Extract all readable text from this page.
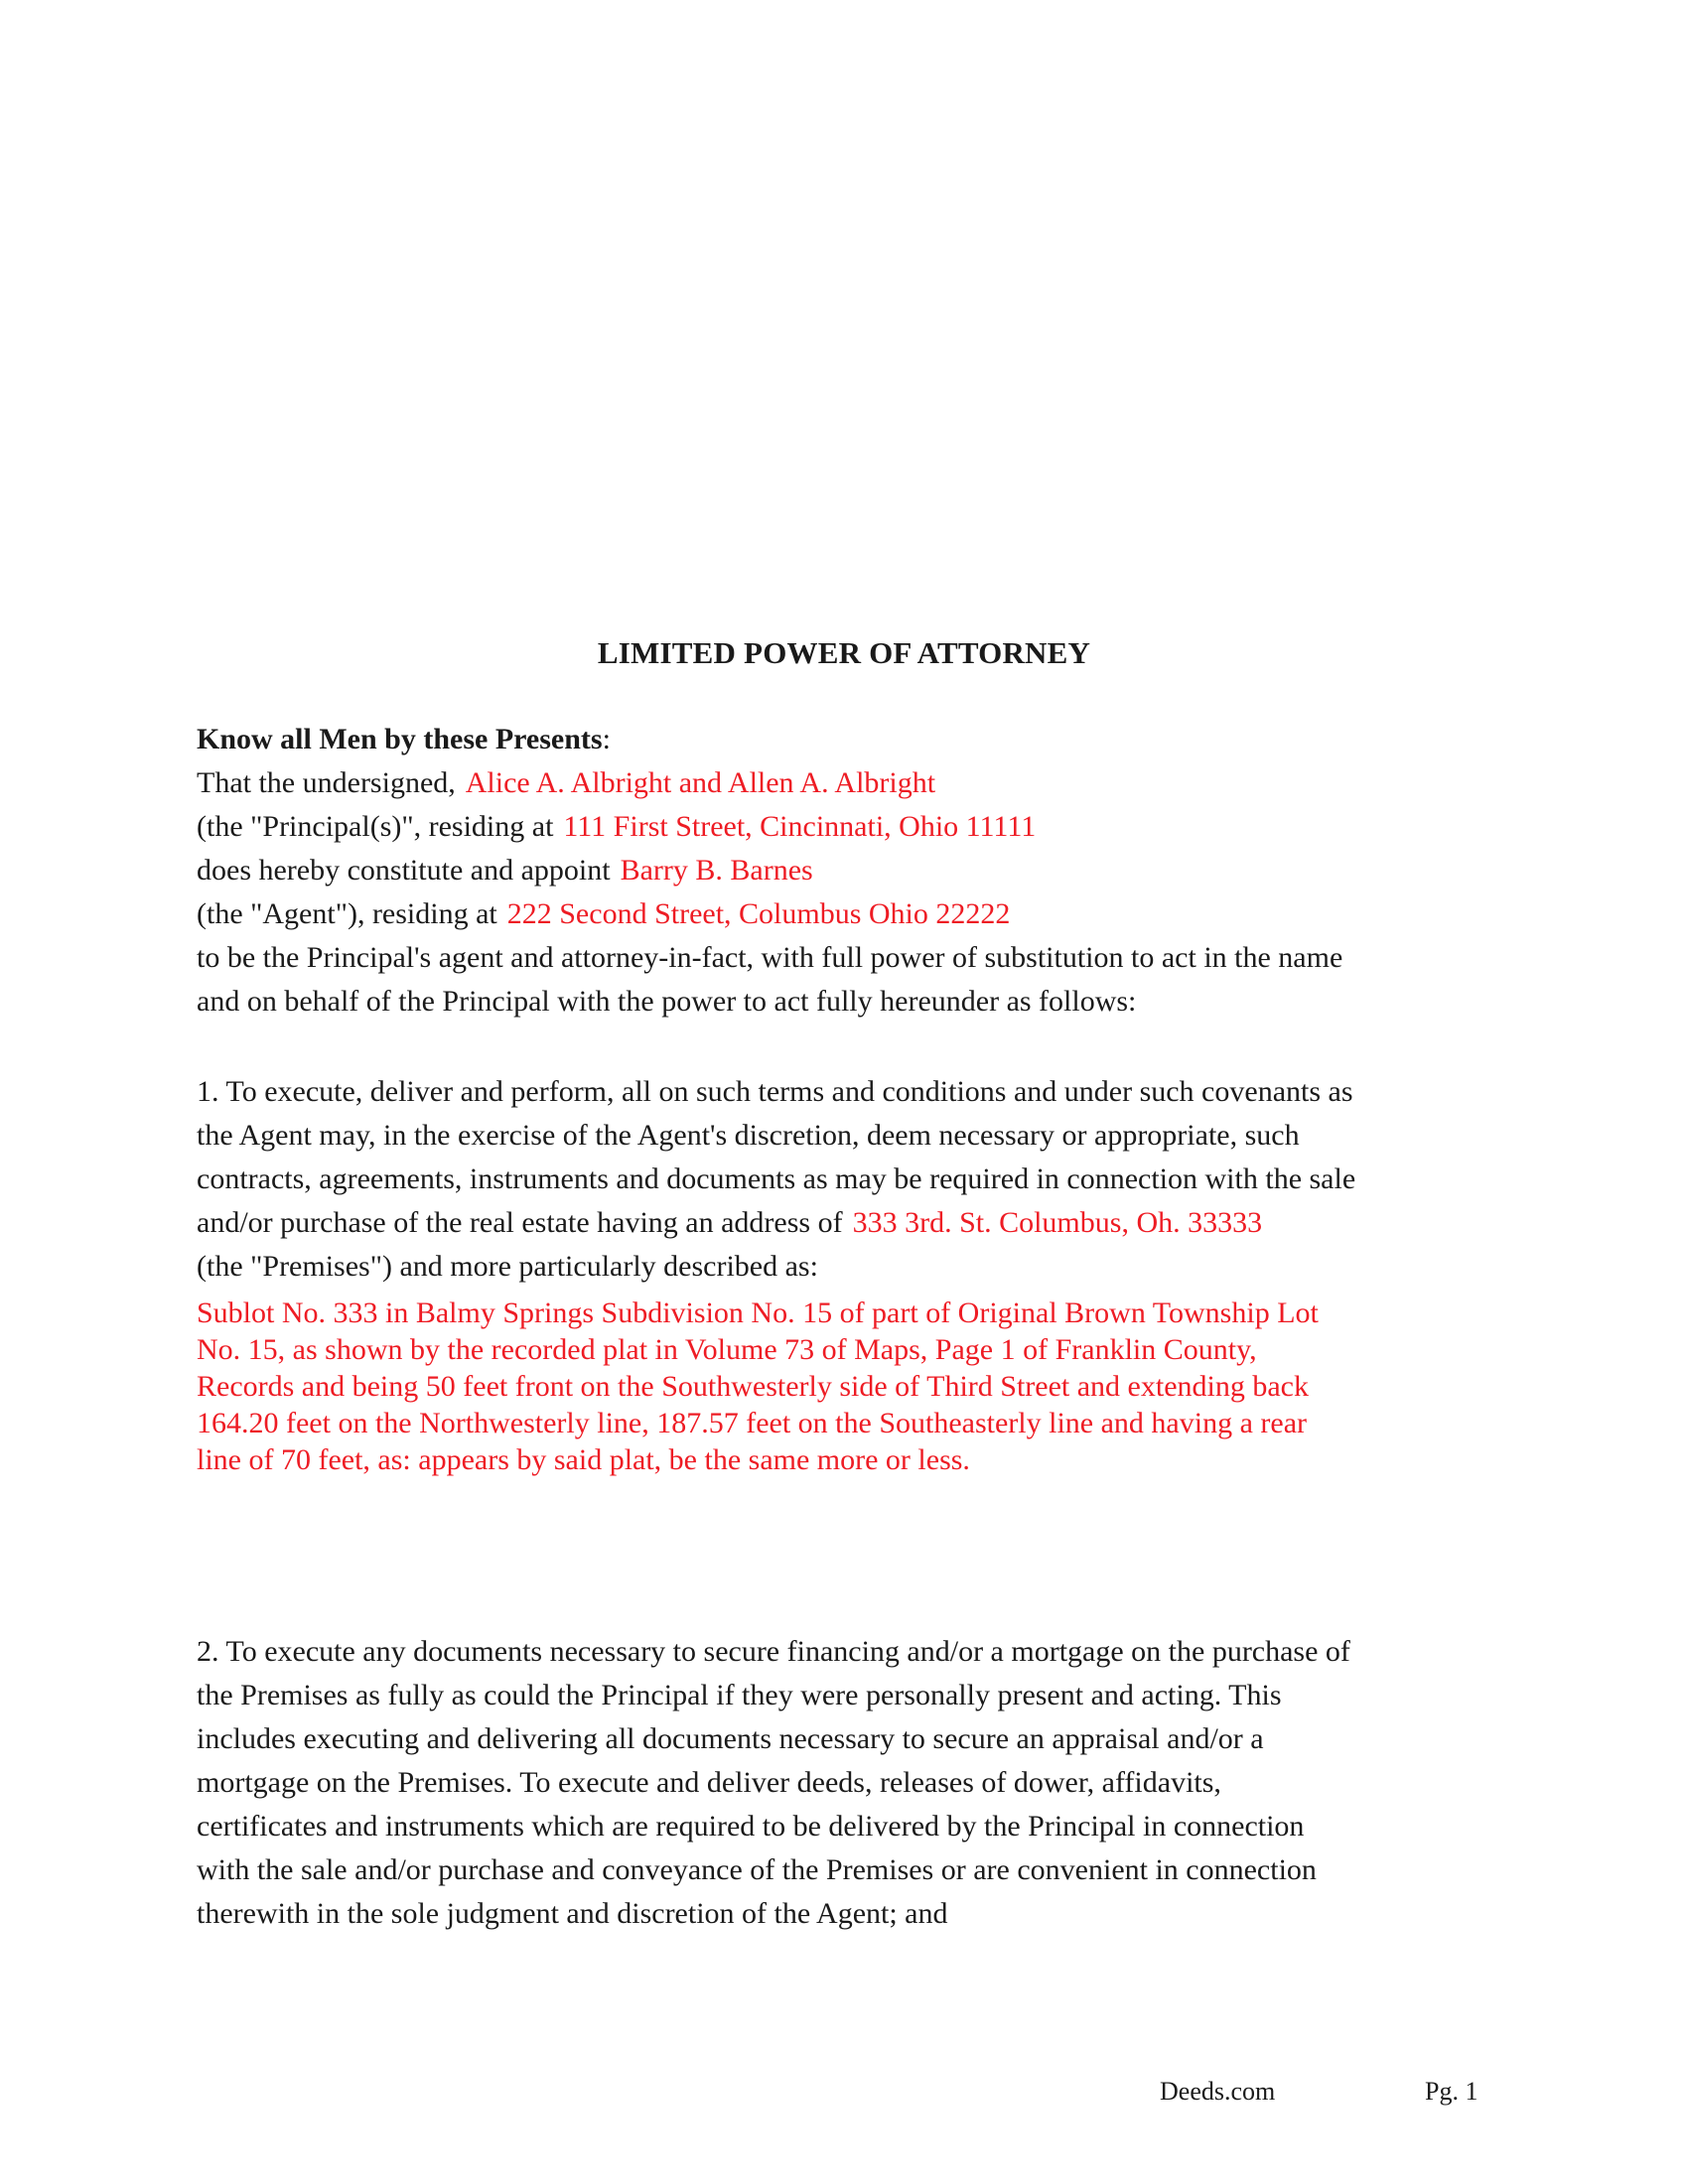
LIMITED POWER OF ATTORNEY
Know all Men by these Presents:
That the undersigned, Alice A. Albright and Allen A. Albright
(the "Principal(s)", residing at 111 First Street, Cincinnati, Ohio 11111
does hereby constitute and appoint Barry B. Barnes
(the "Agent"), residing at 222 Second Street, Columbus Ohio 22222
to be the Principal's agent and attorney-in-fact, with full power of substitution to act in the name
and on behalf of the Principal with the power to act fully hereunder as follows:
1. To execute, deliver and perform, all on such terms and conditions and under such covenants as
the Agent may, in the exercise of the Agent's discretion, deem necessary or appropriate, such
contracts, agreements, instruments and documents as may be required in connection with the sale
and/or purchase of the real estate having an address of 333 3rd. St. Columbus, Oh. 33333
(the "Premises") and more particularly described as:
Sublot No. 333 in Balmy Springs Subdivision No. 15 of part of Original Brown Township Lot
No. 15, as shown by the recorded plat in Volume 73 of Maps, Page 1 of Franklin County,
Records and being 50 feet front on the Southwesterly side of Third Street and extending back
164.20 feet on the Northwesterly line, 187.57 feet on the Southeasterly line and having a rear
line of 70 feet, as: appears by said plat, be the same more or less.
2. To execute any documents necessary to secure financing and/or a mortgage on the purchase of
the Premises as fully as could the Principal if they were personally present and acting. This
includes executing and delivering all documents necessary to secure an appraisal and/or a
mortgage on the Premises. To execute and deliver deeds, releases of dower, affidavits,
certificates and instruments which are required to be delivered by the Principal in connection
with the sale and/or purchase and conveyance of the Premises or are convenient in connection
therewith in the sole judgment and discretion of the Agent; and
Deeds.com	Pg. 1
